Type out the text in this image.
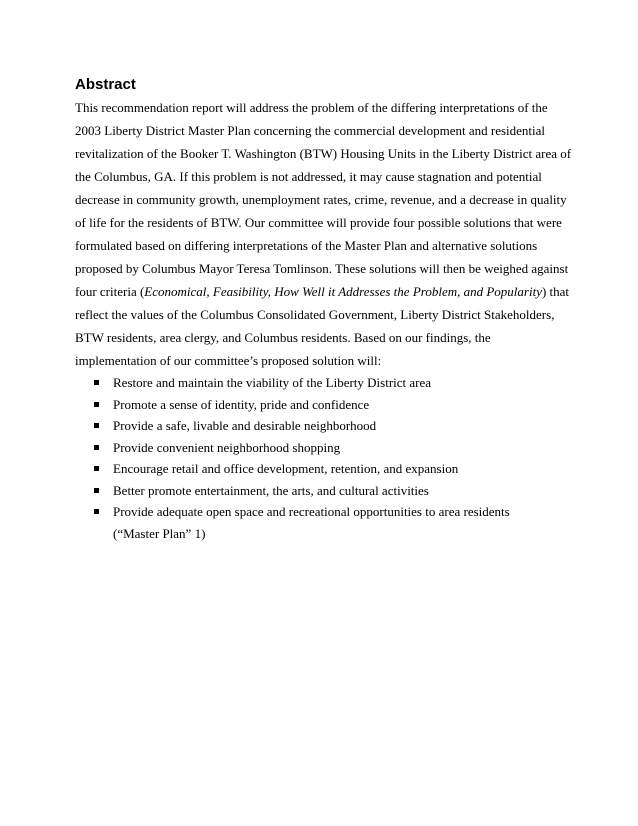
Abstract

This recommendation report will address the problem of the differing interpretations of the 2003 Liberty District Master Plan concerning the commercial development and residential revitalization of the Booker T. Washington (BTW) Housing Units in the Liberty District area of the Columbus, GA. If this problem is not addressed, it may cause stagnation and potential decrease in community growth, unemployment rates, crime, revenue, and a decrease in quality of life for the residents of BTW. Our committee will provide four possible solutions that were formulated based on differing interpretations of the Master Plan and alternative solutions proposed by Columbus Mayor Teresa Tomlinson. These solutions will then be weighed against four criteria (Economical, Feasibility, How Well it Addresses the Problem, and Popularity) that reflect the values of the Columbus Consolidated Government, Liberty District Stakeholders, BTW residents, area clergy, and Columbus residents. Based on our findings, the implementation of our committee’s proposed solution will:

Restore and maintain the viability of the Liberty District area
Promote a sense of identity, pride and confidence
Provide a safe, livable and desirable neighborhood
Provide convenient neighborhood shopping
Encourage retail and office development, retention, and expansion
Better promote entertainment, the arts, and cultural activities
Provide adequate open space and recreational opportunities to area residents
(“Master Plan” 1)
